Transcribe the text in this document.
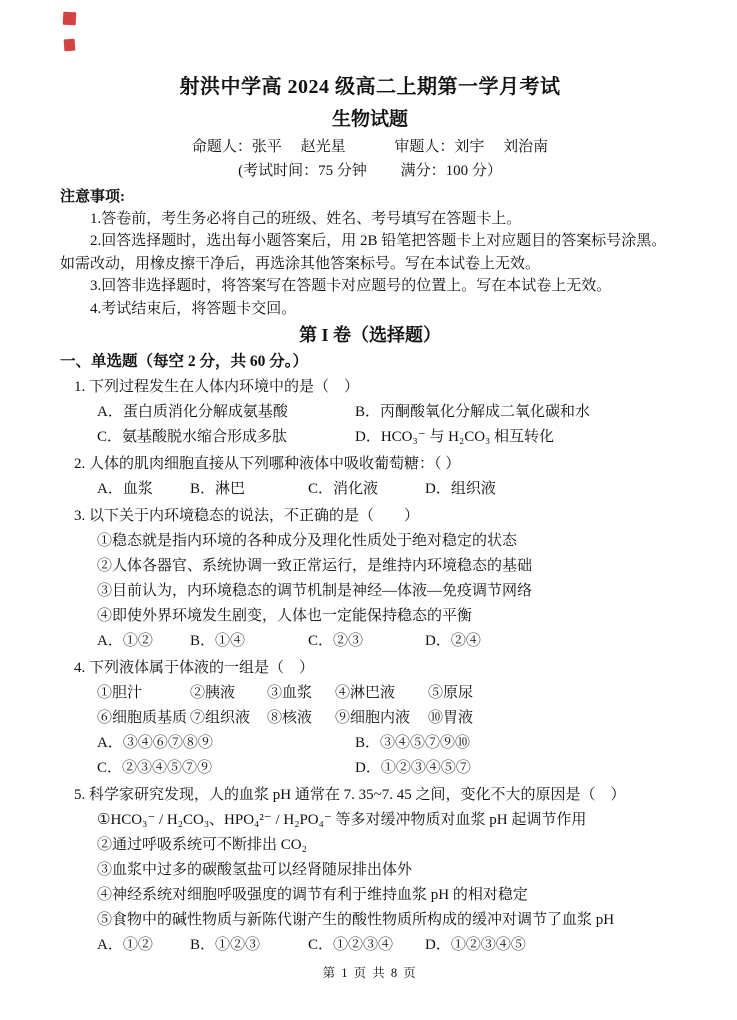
射洪中学高 2024 级高二上期第一学月考试
生物试题
命题人：张平　 赵光星　　　 审题人：刘宇　 刘治南
(考试时间：75 分钟　　 满分：100 分）
注意事项:

1.答卷前，考生务必将自己的班级、姓名、考号填写在答题卡上。

2.回答选择题时，选出每小题答案后，用 2B 铅笔把答题卡上对应题目的答案标号涂黑。如需改动，用橡皮擦干净后，再选涂其他答案标号。写在本试卷上无效。

3.回答非选择题时，将答案写在答题卡对应题号的位置上。写在本试卷上无效。

4.考试结束后，将答题卡交回。

第 I 卷（选择题）
一、单选题（每空 2 分，共 60 分。）
1. 下列过程发生在人体内环境中的是（　）
A．蛋白质消化分解成氨基酸	B．丙酮酸氧化分解成二氧化碳和水
C．氨基酸脱水缩合形成多肽	D．HCO₃⁻ 与 H₂CO₃ 相互转化
2. 人体的肌肉细胞直接从下列哪种液体中吸收葡萄糖：（ ）
A．血浆	B．淋巴	C．消化液	D．组织液
3. 以下关于内环境稳态的说法，不正确的是（　　）
①稳态就是指内环境的各种成分及理化性质处于绝对稳定的状态
②人体各器官、系统协调一致正常运行，是维持内环境稳态的基础
③目前认为，内环境稳态的调节机制是神经—体液—免疫调节网络
④即使外界环境发生剧变，人体也一定能保持稳态的平衡
A．①②	B．①④	C．②③	D．②④
4. 下列液体属于体液的一组是（　）
①胆汁	②胰液	③血浆	④淋巴液	⑤原尿
⑥细胞质基质 ⑦组织液	⑧核液	⑨细胞内液	⑩胃液
A．③④⑥⑦⑧⑨	B．③④⑤⑦⑨⑩
C．②③④⑤⑦⑨	D．①②③④⑤⑦
5. 科学家研究发现，人的血浆 pH 通常在 7. 35~7. 45 之间，变化不大的原因是（　）
①HCO₃⁻ / H₂CO₃、HPO₄²⁻ / H₂PO₄⁻ 等多对缓冲物质对血浆 pH 起调节作用
②通过呼吸系统可不断排出 CO₂
③血浆中过多的碳酸氢盐可以经肾随尿排出体外
④神经系统对细胞呼吸强度的调节有利于维持血浆 pH 的相对稳定
⑤食物中的碱性物质与新陈代谢产生的酸性物质所构成的缓冲对调节了血浆 pH
A．①②	B．①②③	C．①②③④	D．①②③④⑤
第 1 页 共 8 页
